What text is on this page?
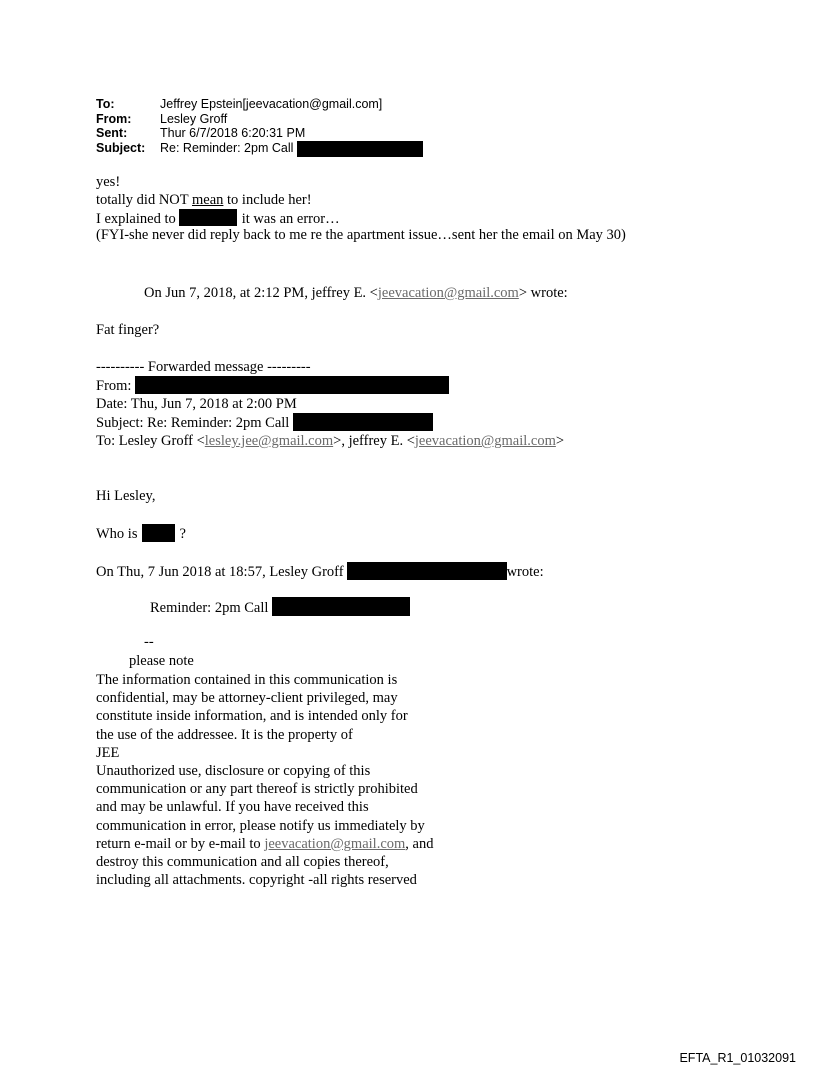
To:	Jeffrey Epstein[jeevacation@gmail.com]
From:	Lesley Groff
Sent:	Thur 6/7/2018 6:20:31 PM
Subject:	Re: Reminder: 2pm Call
yes!
totally did NOT mean to include her!
I explained to	it was an error…
(FYI-she never did reply back to me re the apartment issue…sent her the email on May 30)
On Jun 7, 2018, at 2:12 PM, jeffrey E. <jeevacation@gmail.com> wrote:
Fat finger?
---------- Forwarded message ---------
From:
Date: Thu, Jun 7, 2018 at 2:00 PM
Subject: Re: Reminder: 2pm Call
To: Lesley Groff <lesley.jee@gmail.com>, jeffrey E. <jeevacation@gmail.com>
Hi Lesley,
Who is	?
On Thu, 7 Jun 2018 at 18:57, Lesley Groff	wrote:
Reminder: 2pm Call
--
please note
The information contained in this communication is
confidential, may be attorney-client privileged, may
constitute inside information, and is intended only for
the use of the addressee. It is the property of
JEE
Unauthorized use, disclosure or copying of this
communication or any part thereof is strictly prohibited
and may be unlawful. If you have received this
communication in error, please notify us immediately by
return e-mail or by e-mail to jeevacation@gmail.com, and
destroy this communication and all copies thereof,
including all attachments. copyright -all rights reserved
EFTA_R1_01032091
